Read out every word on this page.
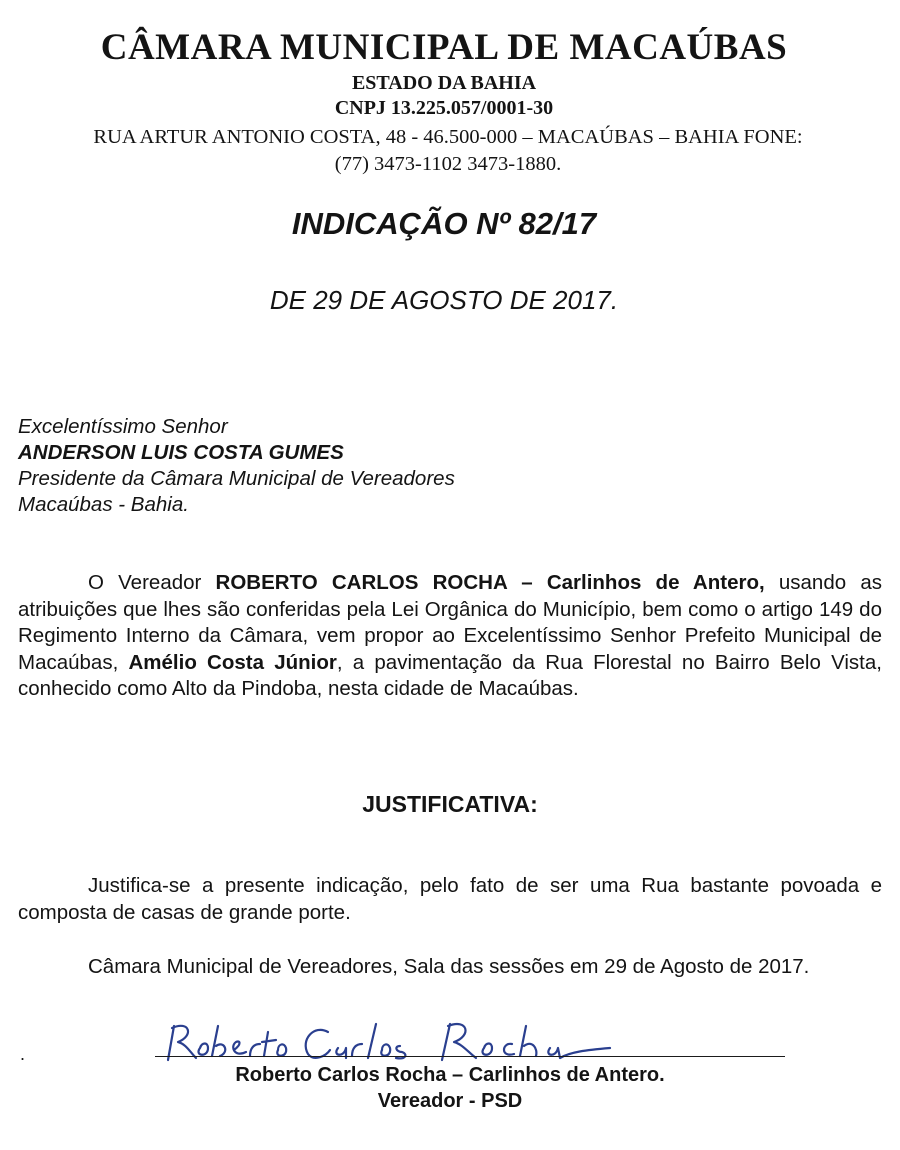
CÂMARA MUNICIPAL DE MACAÚBAS
ESTADO DA BAHIA
CNPJ 13.225.057/0001-30
RUA ARTUR ANTONIO COSTA, 48 - 46.500-000 – MACAÚBAS – BAHIA FONE:
(77) 3473-1102 3473-1880.
INDICAÇÃO Nº 82/17
DE 29 DE AGOSTO DE 2017.
Excelentíssimo Senhor
ANDERSON LUIS COSTA GUMES
Presidente da Câmara Municipal de Vereadores
Macaúbas - Bahia.
O Vereador ROBERTO CARLOS ROCHA – Carlinhos de Antero, usando as atribuições que lhes são conferidas pela Lei Orgânica do Município, bem como o artigo 149 do Regimento Interno da Câmara, vem propor ao Excelentíssimo Senhor Prefeito Municipal de Macaúbas, Amélio Costa Júnior, a pavimentação da Rua Florestal no Bairro Belo Vista, conhecido como Alto da Pindoba, nesta cidade de Macaúbas.
JUSTIFICATIVA:
Justifica-se a presente indicação, pelo fato de ser uma Rua bastante povoada e composta de casas de grande porte.
Câmara Municipal de Vereadores, Sala das sessões em 29 de Agosto de 2017.
.
Roberto Carlos Rocha – Carlinhos de Antero.
Vereador - PSD
